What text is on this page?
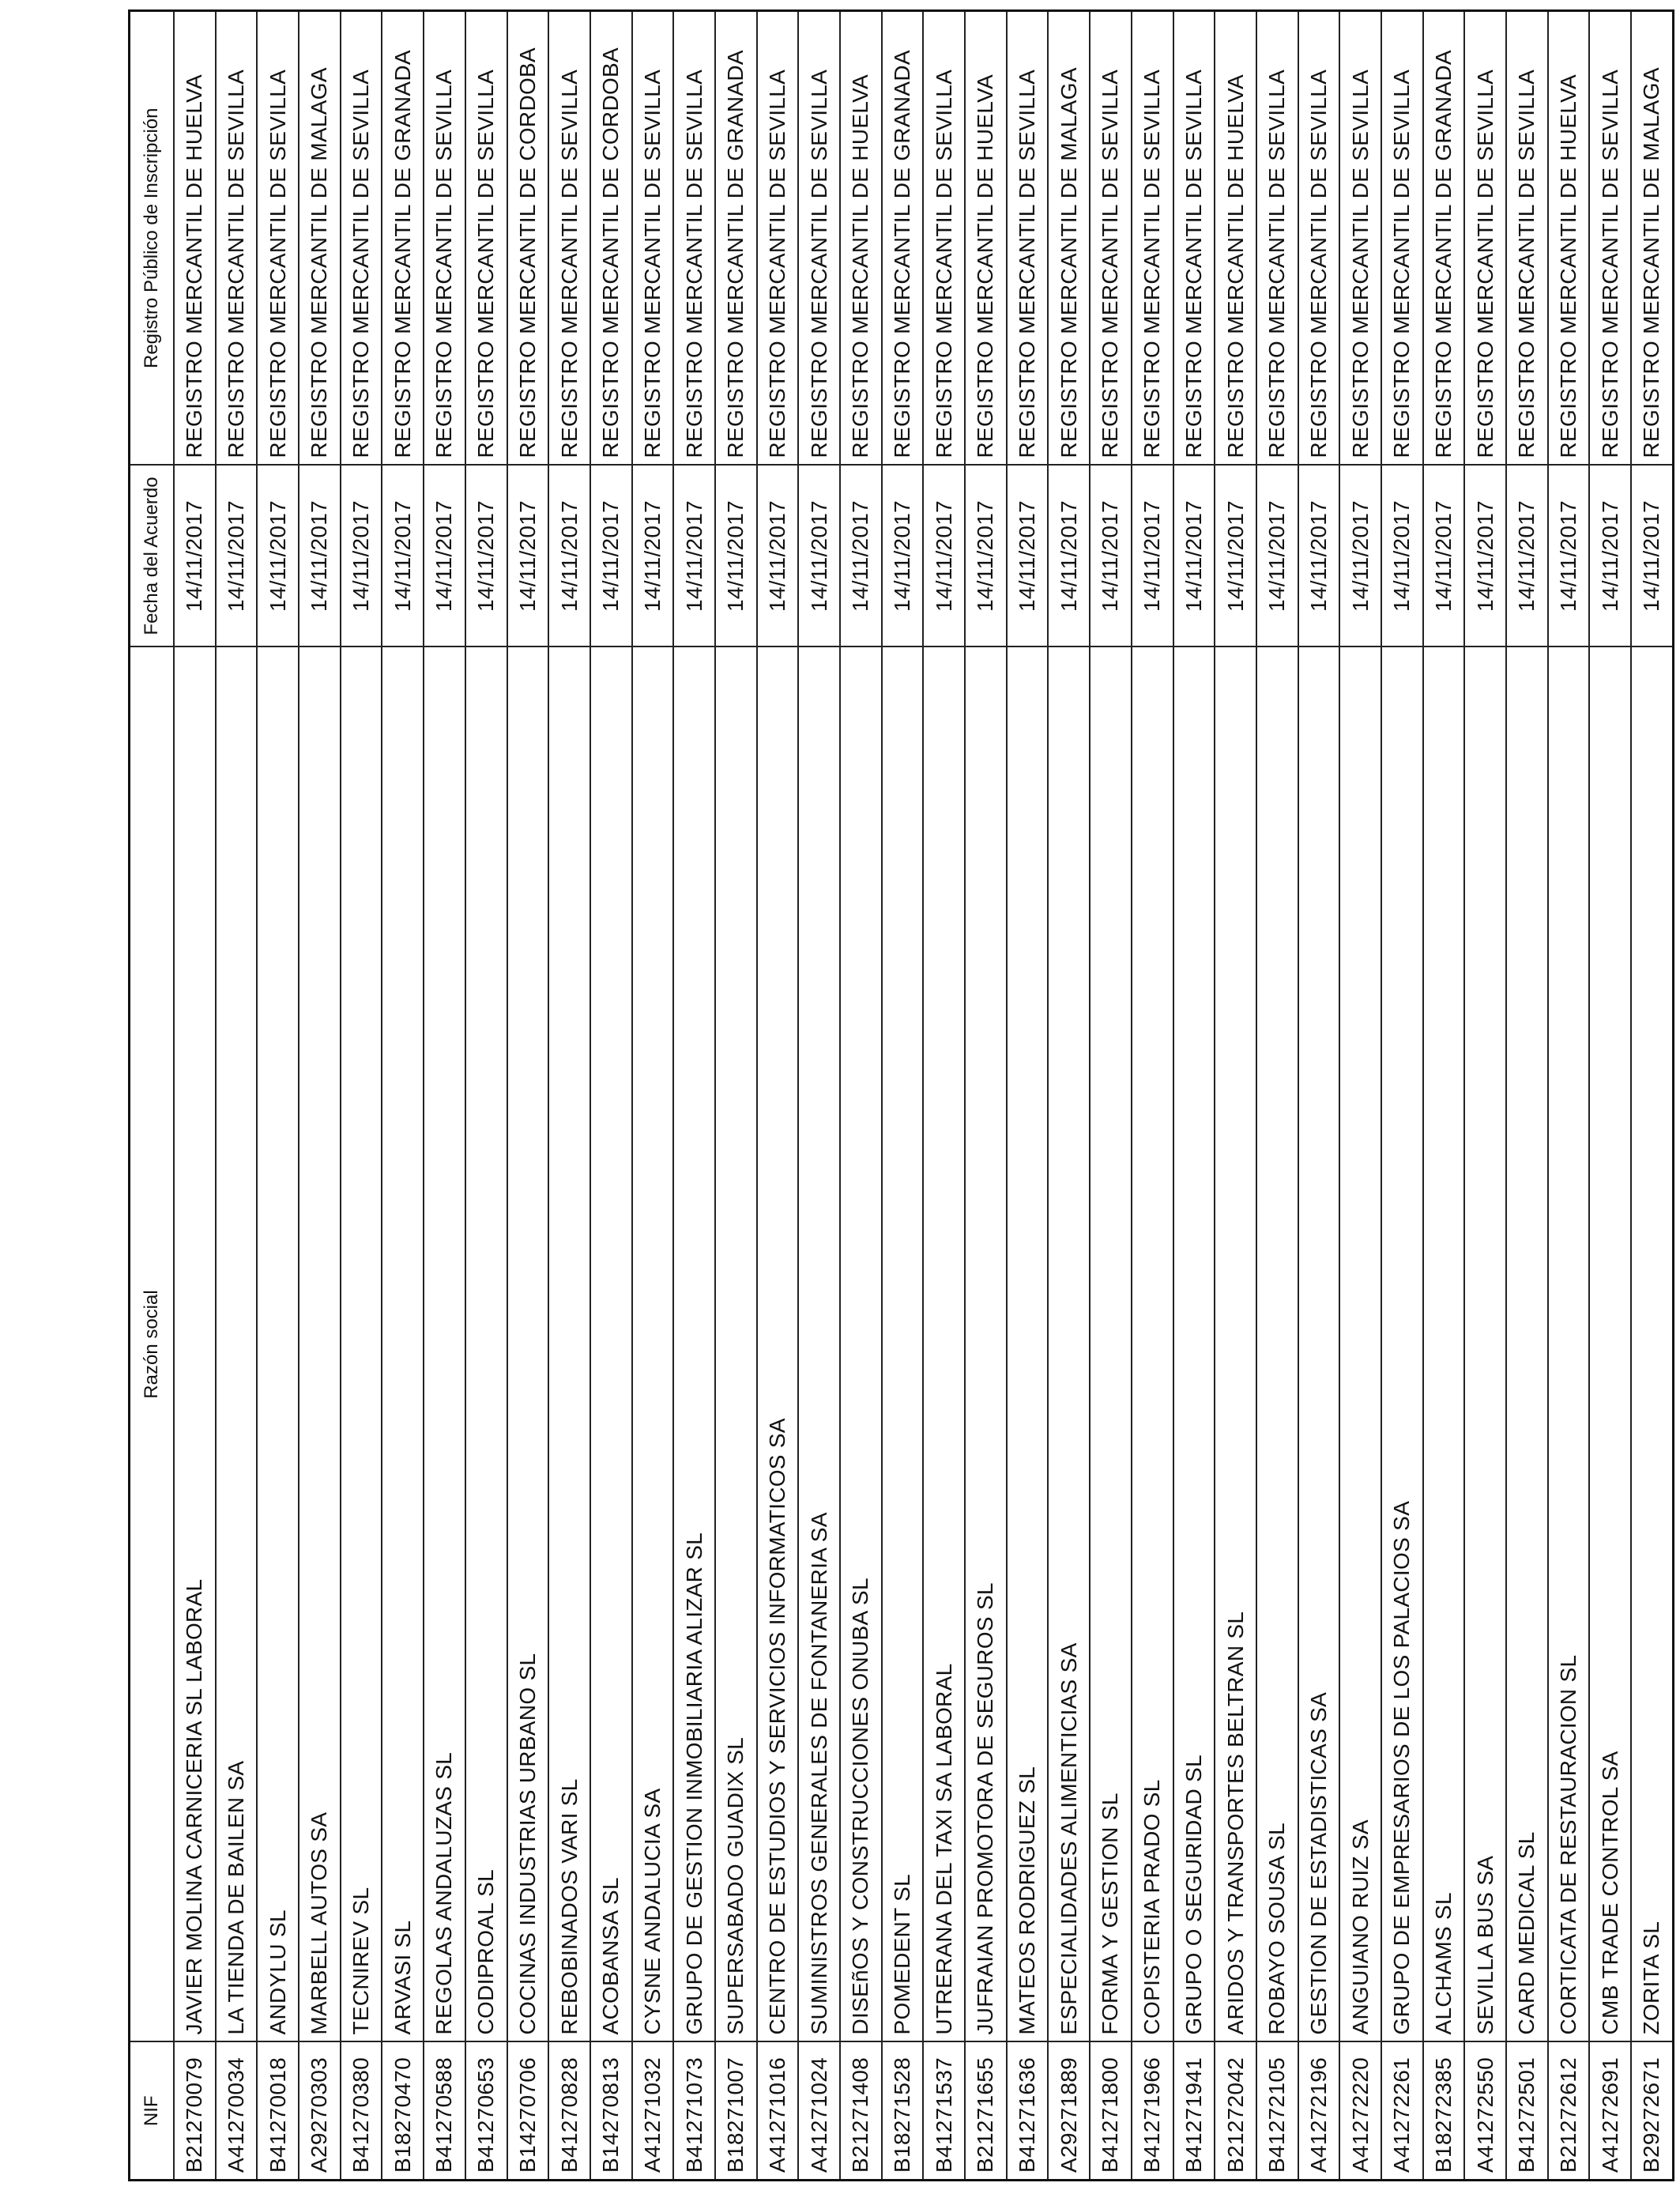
NIF	Razón social	Fecha del Acuerdo	Registro Público de Inscripción
B21270079	JAVIER MOLINA CARNICERIA SL LABORAL	14/11/2017	REGISTRO MERCANTIL DE HUELVA
A41270034	LA TIENDA DE BAILEN SA	14/11/2017	REGISTRO MERCANTIL DE SEVILLA
B41270018	ANDYLU SL	14/11/2017	REGISTRO MERCANTIL DE SEVILLA
A29270303	MARBELL AUTOS SA	14/11/2017	REGISTRO MERCANTIL DE MALAGA
B41270380	TECNIREV SL	14/11/2017	REGISTRO MERCANTIL DE SEVILLA
B18270470	ARVASI SL	14/11/2017	REGISTRO MERCANTIL DE GRANADA
B41270588	REGOLAS ANDALUZAS SL	14/11/2017	REGISTRO MERCANTIL DE SEVILLA
B41270653	CODIPROAL SL	14/11/2017	REGISTRO MERCANTIL DE SEVILLA
B14270706	COCINAS INDUSTRIAS URBANO SL	14/11/2017	REGISTRO MERCANTIL DE CORDOBA
B41270828	REBOBINADOS VARI SL	14/11/2017	REGISTRO MERCANTIL DE SEVILLA
B14270813	ACOBANSA SL	14/11/2017	REGISTRO MERCANTIL DE CORDOBA
A41271032	CYSNE ANDALUCIA SA	14/11/2017	REGISTRO MERCANTIL DE SEVILLA
B41271073	GRUPO DE GESTION INMOBILIARIA ALIZAR SL	14/11/2017	REGISTRO MERCANTIL DE SEVILLA
B18271007	SUPERSABADO GUADIX SL	14/11/2017	REGISTRO MERCANTIL DE GRANADA
A41271016	CENTRO DE ESTUDIOS Y SERVICIOS INFORMATICOS SA	14/11/2017	REGISTRO MERCANTIL DE SEVILLA
A41271024	SUMINISTROS GENERALES DE FONTANERIA SA	14/11/2017	REGISTRO MERCANTIL DE SEVILLA
B21271408	DISEñOS Y CONSTRUCCIONES ONUBA SL	14/11/2017	REGISTRO MERCANTIL DE HUELVA
B18271528	POMEDENT SL	14/11/2017	REGISTRO MERCANTIL DE GRANADA
B41271537	UTRERANA DEL TAXI SA LABORAL	14/11/2017	REGISTRO MERCANTIL DE SEVILLA
B21271655	JUFRAIAN PROMOTORA DE SEGUROS SL	14/11/2017	REGISTRO MERCANTIL DE HUELVA
B41271636	MATEOS RODRIGUEZ SL	14/11/2017	REGISTRO MERCANTIL DE SEVILLA
A29271889	ESPECIALIDADES ALIMENTICIAS SA	14/11/2017	REGISTRO MERCANTIL DE MALAGA
B41271800	FORMA Y GESTION SL	14/11/2017	REGISTRO MERCANTIL DE SEVILLA
B41271966	COPISTERIA PRADO SL	14/11/2017	REGISTRO MERCANTIL DE SEVILLA
B41271941	GRUPO O SEGURIDAD SL	14/11/2017	REGISTRO MERCANTIL DE SEVILLA
B21272042	ARIDOS Y TRANSPORTES BELTRAN SL	14/11/2017	REGISTRO MERCANTIL DE HUELVA
B41272105	ROBAYO SOUSA SL	14/11/2017	REGISTRO MERCANTIL DE SEVILLA
A41272196	GESTION DE ESTADISTICAS SA	14/11/2017	REGISTRO MERCANTIL DE SEVILLA
A41272220	ANGUIANO RUIZ SA	14/11/2017	REGISTRO MERCANTIL DE SEVILLA
A41272261	GRUPO DE EMPRESARIOS DE LOS PALACIOS SA	14/11/2017	REGISTRO MERCANTIL DE SEVILLA
B18272385	ALCHAMS SL	14/11/2017	REGISTRO MERCANTIL DE GRANADA
A41272550	SEVILLA BUS SA	14/11/2017	REGISTRO MERCANTIL DE SEVILLA
B41272501	CARD MEDICAL SL	14/11/2017	REGISTRO MERCANTIL DE SEVILLA
B21272612	CORTICATA DE RESTAURACION SL	14/11/2017	REGISTRO MERCANTIL DE HUELVA
A41272691	CMB TRADE CONTROL SA	14/11/2017	REGISTRO MERCANTIL DE SEVILLA
B29272671	ZORITA SL	14/11/2017	REGISTRO MERCANTIL DE MALAGA
